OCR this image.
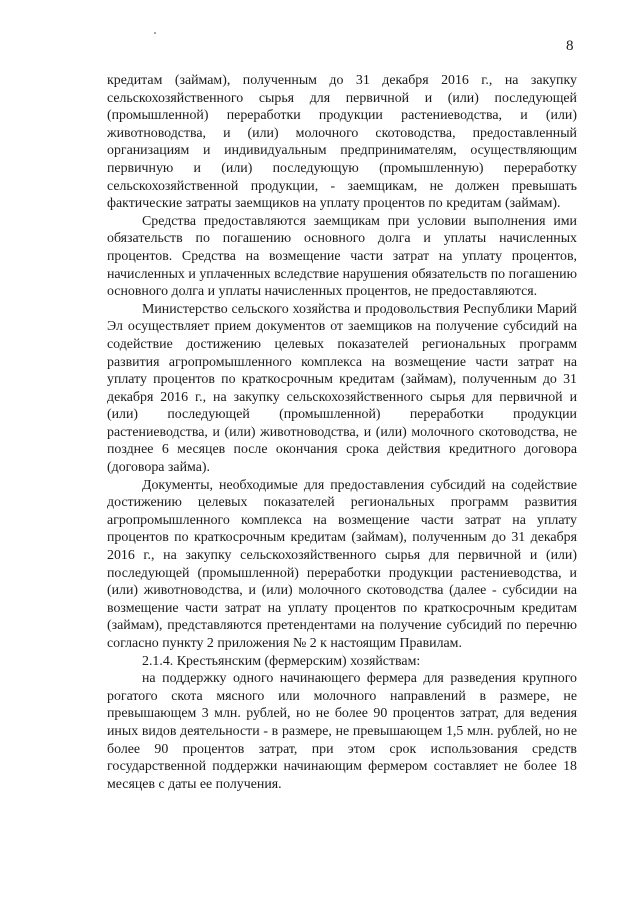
8

кредитам (займам), полученным до 31 декабря 2016 г., на закупку сельскохозяйственного сырья для первичной и (или) последующей (промышленной) переработки продукции растениеводства, и (или) животноводства, и (или) молочного скотоводства, предоставленный организациям и индивидуальным предпринимателям, осуществляющим первичную и (или) последующую (промышленную) переработку сельскохозяйственной продукции, - заемщикам, не должен превышать фактические затраты заемщиков на уплату процентов по кредитам (займам).

Средства предоставляются заемщикам при условии выполнения ими обязательств по погашению основного долга и уплаты начисленных процентов. Средства на возмещение части затрат на уплату процентов, начисленных и уплаченных вследствие нарушения обязательств по погашению основного долга и уплаты начисленных процентов, не предоставляются.

Министерство сельского хозяйства и продовольствия Республики Марий Эл осуществляет прием документов от заемщиков на получение субсидий на содействие достижению целевых показателей региональных программ развития агропромышленного комплекса на возмещение части затрат на уплату процентов по краткосрочным кредитам (займам), полученным до 31 декабря 2016 г., на закупку сельскохозяйственного сырья для первичной и (или) последующей (промышленной) переработки продукции растениеводства, и (или) животноводства, и (или) молочного скотоводства, не позднее 6 месяцев после окончания срока действия кредитного договора (договора займа).

Документы, необходимые для предоставления субсидий на содействие достижению целевых показателей региональных программ развития агропромышленного комплекса на возмещение части затрат на уплату процентов по краткосрочным кредитам (займам), полученным до 31 декабря 2016 г., на закупку сельскохозяйственного сырья для первичной и (или) последующей (промышленной) переработки продукции растениеводства, и (или) животноводства, и (или) молочного скотоводства (далее - субсидии на возмещение части затрат на уплату процентов по краткосрочным кредитам (займам), представляются претендентами на получение субсидий по перечню согласно пункту 2 приложения № 2 к настоящим Правилам.

2.1.4. Крестьянским (фермерским) хозяйствам:

на поддержку одного начинающего фермера для разведения крупного рогатого скота мясного или молочного направлений в размере, не превышающем 3 млн. рублей, но не более 90 процентов затрат, для ведения иных видов деятельности - в размере, не превышающем 1,5 млн. рублей, но не более 90 процентов затрат, при этом срок использования средств государственной поддержки начинающим фермером составляет не более 18 месяцев с даты ее получения.
